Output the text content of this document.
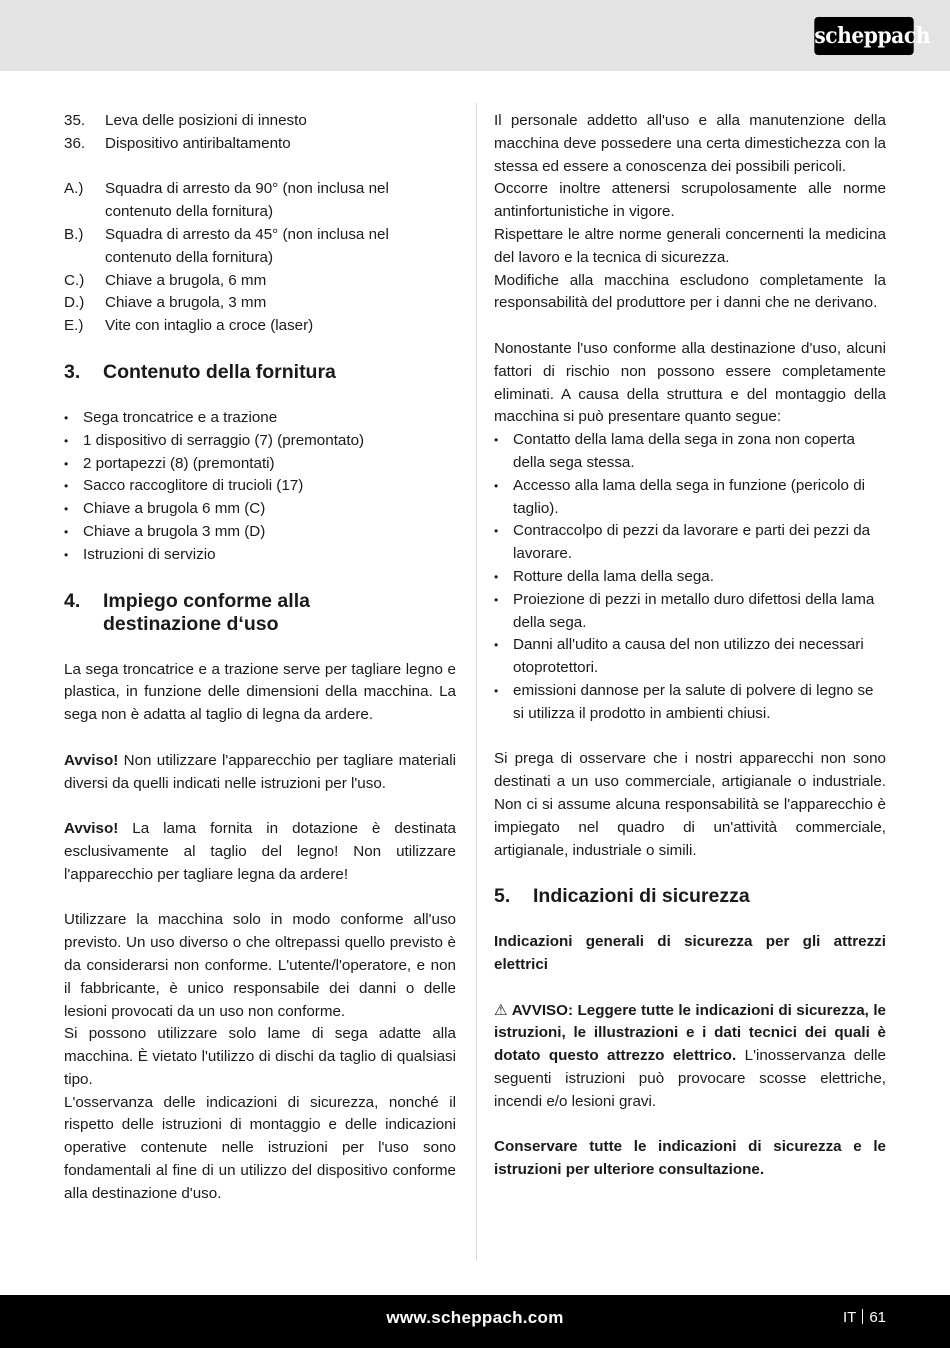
scheppach
35.	Leva delle posizioni di innesto
36.	Dispositivo antiribaltamento
A.)	Squadra di arresto da 90° (non inclusa nel contenuto della fornitura)
B.)	Squadra di arresto da 45° (non inclusa nel contenuto della fornitura)
C.)	Chiave a brugola, 6 mm
D.)	Chiave a brugola, 3 mm
E.)	Vite con intaglio a croce (laser)
3.	Contenuto della fornitura
• Sega troncatrice e a trazione
• 1 dispositivo di serraggio (7) (premontato)
• 2 portapezzi (8) (premontati)
• Sacco raccoglitore di trucioli (17)
• Chiave a brugola 6 mm (C)
• Chiave a brugola 3 mm (D)
• Istruzioni di servizio
4.	Impiego conforme alla
destinazione d‘uso

La sega troncatrice e a trazione serve per tagliare legno e plastica, in funzione delle dimensioni della macchina. La sega non è adatta al taglio di legna da ardere.

Avviso! Non utilizzare l'apparecchio per tagliare materiali diversi da quelli indicati nelle istruzioni per l'uso.

Avviso! La lama fornita in dotazione è destinata esclusivamente al taglio del legno! Non utilizzare l'apparecchio per tagliare legna da ardere!

Utilizzare la macchina solo in modo conforme all'uso previsto. Un uso diverso o che oltrepassi quello previsto è da considerarsi non conforme. L'utente/l'operatore, e non il fabbricante, è unico responsabile dei danni o delle lesioni provocati da un uso non conforme.

Si possono utilizzare solo lame di sega adatte alla macchina. È vietato l'utilizzo di dischi da taglio di qualsiasi tipo.

L'osservanza delle indicazioni di sicurezza, nonché il rispetto delle istruzioni di montaggio e delle indicazioni operative contenute nelle istruzioni per l'uso sono fondamentali al fine di un utilizzo del dispositivo conforme alla destinazione d'uso.

Il personale addetto all'uso e alla manutenzione della macchina deve possedere una certa dimestichezza con la stessa ed essere a conoscenza dei possibili pericoli.

Occorre inoltre attenersi scrupolosamente alle norme antinfortunistiche in vigore.

Rispettare le altre norme generali concernenti la medicina del lavoro e la tecnica di sicurezza.

Modifiche alla macchina escludono completamente la responsabilità del produttore per i danni che ne derivano.

Nonostante l'uso conforme alla destinazione d'uso, alcuni fattori di rischio non possono essere completamente eliminati. A causa della struttura e del montaggio della macchina si può presentare quanto segue:

• Contatto della lama della sega in zona non coperta della sega stessa.
• Accesso alla lama della sega in funzione (pericolo di taglio).
• Contraccolpo di pezzi da lavorare e parti dei pezzi da lavorare.
• Rotture della lama della sega.
• Proiezione di pezzi in metallo duro difettosi della lama della sega.
• Danni all'udito a causa del non utilizzo dei necessari otoprotettori.
• emissioni dannose per la salute di polvere di legno se si utilizza il prodotto in ambienti chiusi.

Si prega di osservare che i nostri apparecchi non sono destinati a un uso commerciale, artigianale o industriale. Non ci si assume alcuna responsabilità se l'apparecchio è impiegato nel quadro di un'attività commerciale, artigianale, industriale o simili.

5.	Indicazioni di sicurezza

Indicazioni generali di sicurezza per gli attrezzi elettrici

⚠ AVVISO: Leggere tutte le indicazioni di sicurezza, le istruzioni, le illustrazioni e i dati tecnici dei quali è dotato questo attrezzo elettrico. L'inosservanza delle seguenti istruzioni può provocare scosse elettriche, incendi e/o lesioni gravi.

Conservare tutte le indicazioni di sicurezza e le istruzioni per ulteriore consultazione.

www.scheppach.com	IT 61
